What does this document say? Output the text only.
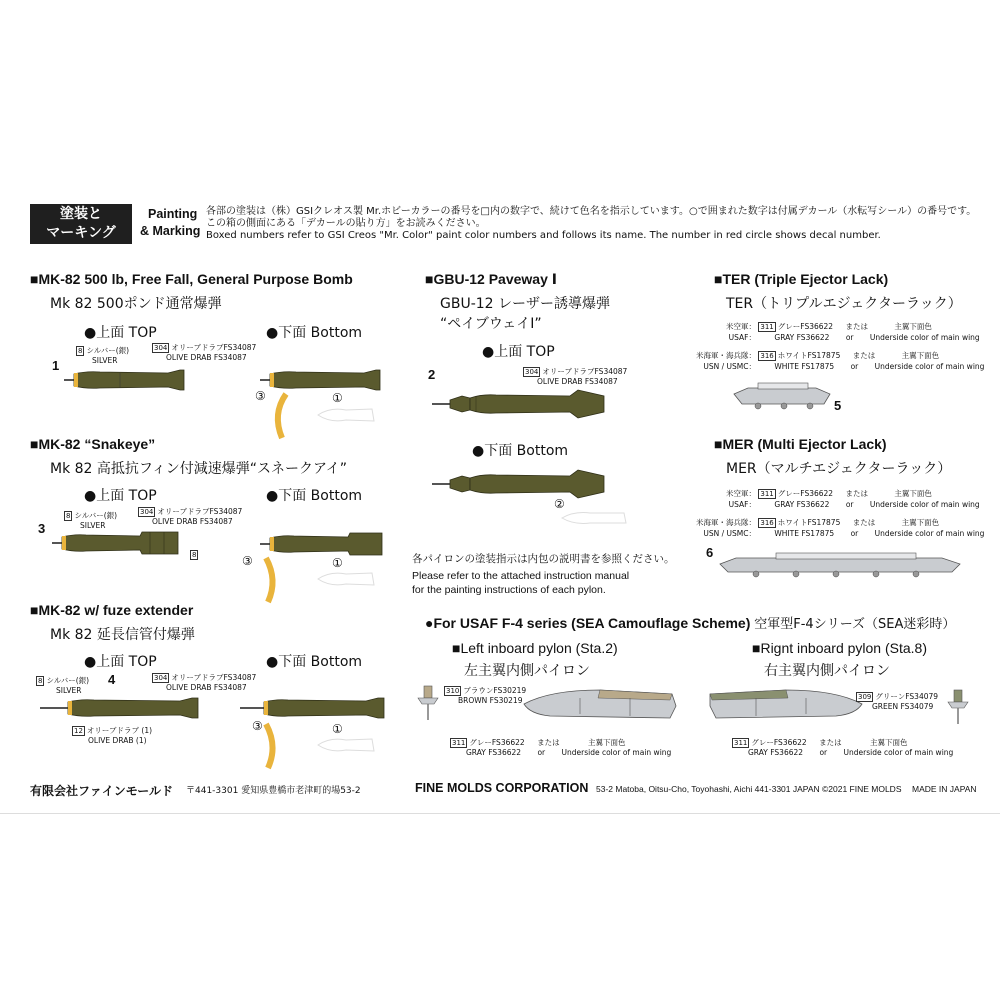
塗装と
マーキング
Painting
& Marking
各部の塗装は（株）GSIクレオス製 Mr.ホビーカラーの番号を□内の数字で、続けて色名を指示しています。○で囲まれた数字は付属デカール（水転写シール）の番号です。
この箱の側面にある「デカールの貼り方」をお読みください。
Boxed numbers refer to GSI Creos "Mr. Color" paint color numbers and follows its name. The number in red circle shows decal number.
■MK-82 500 lb, Free Fall, General Purpose Bomb
Mk 82 500ポンド通常爆弾
●上面 TOP	●下面 Bottom
1
8 シルバー(銀)
SILVER
304 オリーブドラブFS34087
OLIVE DRAB FS34087
③	①
■MK-82 “Snakeye”
Mk 82 高抵抗フィン付減速爆弾“スネークアイ”
●上面 TOP	●下面 Bottom
3
8 シルバー(銀)
SILVER
304 オリーブドラブFS34087
OLIVE DRAB FS34087
8	③	①
■MK-82 w/ fuze extender
Mk 82 延長信管付爆弾
●上面 TOP	●下面 Bottom
4
8 シルバー(銀)
SILVER
304 オリーブドラブFS34087
OLIVE DRAB FS34087
12 オリーブドラブ (1)
OLIVE DRAB (1)
③	①
■GBU-12 Paveway Ⅰ
GBU-12 レーザー誘導爆弾
“ペイブウェイⅠ”
●上面 TOP
●下面 Bottom
2	304 オリーブドラブFS34087
OLIVE DRAB FS34087
②
各パイロンの塗装指示は内包の説明書を参照ください。
Please refer to the attached instruction manual
for the painting instructions of each pylon.
■TER (Triple Ejector Lack)
TER（トリプルエジェクターラック）
米空軍： 311 グレーFS36622 または	主翼下面色
USAF： GRAY FS36622 or Underside color of main wing
米海軍・海兵隊： 316 ホワイトFS17875 または	主翼下面色
USN / USMC： WHITE FS17875 or Underside color of main wing
5
■MER (Multi Ejector Lack)
MER（マルチエジェクターラック）
米空軍： 311 グレーFS36622 または	主翼下面色
USAF： GRAY FS36622 or Underside color of main wing
米海軍・海兵隊： 316 ホワイトFS17875 または	主翼下面色
USN / USMC： WHITE FS17875 or Underside color of main wing
6
●For USAF F-4 series (SEA Camouflage Scheme) 空軍型F-4シリーズ（SEA迷彩時）
■Left inboard pylon (Sta.2)
左主翼内側パイロン
■Rignt inboard pylon (Sta.8)
右主翼内側パイロン
310 ブラウンFS30219
BROWN FS30219
311 グレーFS36622 または	主翼下面色
GRAY FS36622 or Underside color of main wing
309 グリーンFS34079
GREEN FS34079
311 グレーFS36622 または	主翼下面色
GRAY FS36622 or Underside color of main wing
有限会社ファインモールド 〒441-3301 愛知県豊橋市老津町的場53-2	FINE MOLDS CORPORATION 53-2 Matoba, Oitsu-Cho, Toyohashi, Aichi 441-3301 JAPAN ©2021 FINE MOLDS MADE IN JAPAN
